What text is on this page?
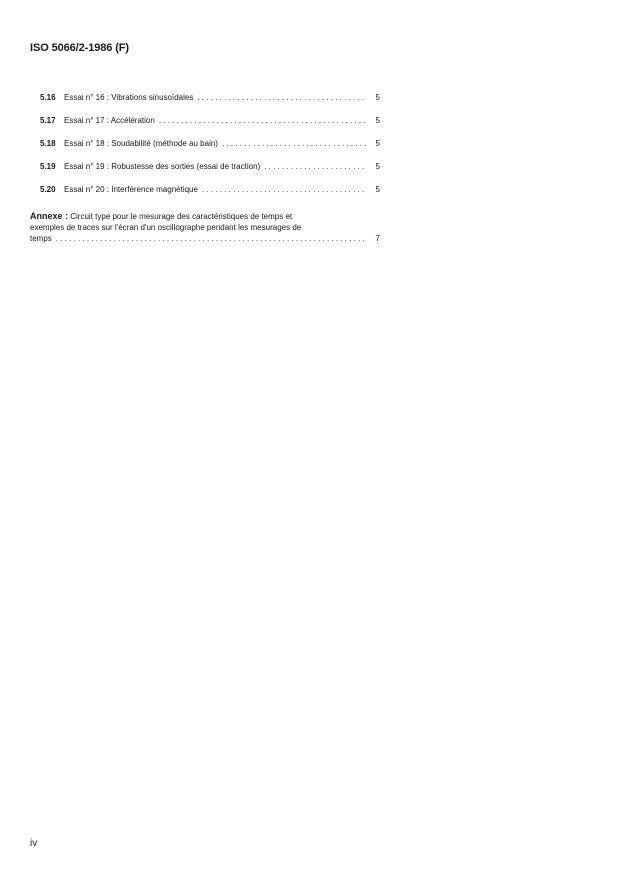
ISO 5066/2-1986 (F)
5.16	Essai n° 16 : Vibrations sinusoïdales . . .	5
5.17	Essai n° 17 : Accélération . . .	5
5.18	Essai n° 18 : Soudabilité (méthode au bain) . . .	5
5.19	Essai n° 19 : Robustesse des sorties (essai de traction) . . .	5
5.20	Essai n° 20 : Interférence magnétique . . .	5
Annexe : Circuit type pour le mesurage des caractéristiques de temps et
exemples de traces sur l'écran d'un oscillographe pendant les mesurages de
temps . . .	7
iv
